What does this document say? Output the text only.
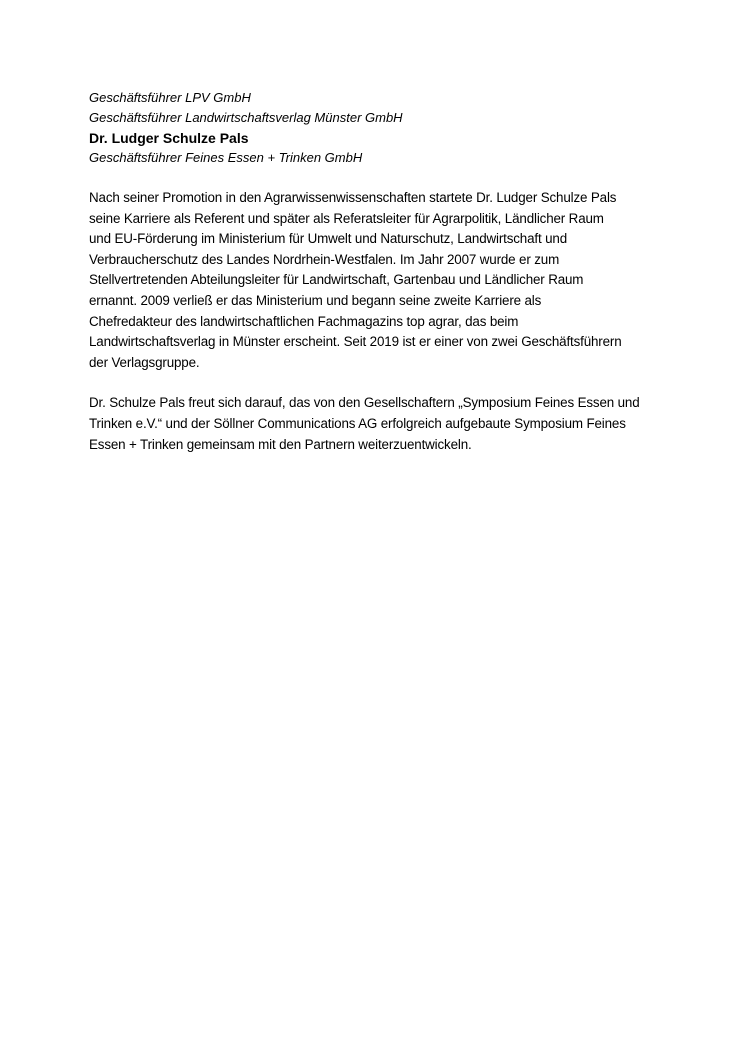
Geschäftsführer LPV GmbH

Geschäftsführer Landwirtschaftsverlag Münster GmbH

Dr. Ludger Schulze Pals

Geschäftsführer Feines Essen + Trinken GmbH

Nach seiner Promotion in den Agrarwissenwissenschaften startete Dr. Ludger Schulze Pals
seine Karriere als Referent und später als Referatsleiter für Agrarpolitik, Ländlicher Raum
und EU-Förderung im Ministerium für Umwelt und Naturschutz, Landwirtschaft und
Verbraucherschutz des Landes Nordrhein-Westfalen. Im Jahr 2007 wurde er zum
Stellvertretenden Abteilungsleiter für Landwirtschaft, Gartenbau und Ländlicher Raum
ernannt. 2009 verließ er das Ministerium und begann seine zweite Karriere als
Chefredakteur des landwirtschaftlichen Fachmagazins top agrar, das beim
Landwirtschaftsverlag in Münster erscheint. Seit 2019 ist er einer von zwei Geschäftsführern
der Verlagsgruppe.
Dr. Schulze Pals freut sich darauf, das von den Gesellschaftern „Symposium Feines Essen und
Trinken e.V.“ und der Söllner Communications AG erfolgreich aufgebaute Symposium Feines
Essen + Trinken gemeinsam mit den Partnern weiterzuentwickeln.
